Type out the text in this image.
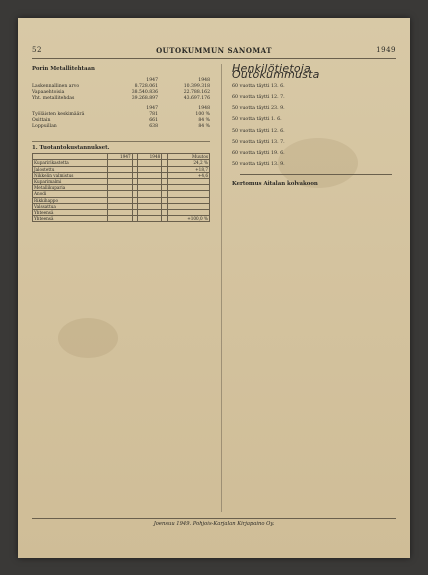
52	OUTOKUMMUN SANOMAT	1949
Porin Metallitehtaan
1947	1948
Laskennallinen arvo	8.728.061	10.399.318
Vapaaehtoisia	38.540.836	22.788.162
Yht. metallitehdas	39.268.897	43.697.176
1947	1948
Työläisten keskimäärä	781	100 %
Osittain	661	84 %
Loppuillan	638	84 %
1. Tuotantokustannukset.
	1947		1948		Muutos
Kuparirikastetta					24,2 %
Jalostettu					+18,7
Nikkelin valmistus					+4,6
Kuparimalmi					
Metallikuparia					
Anodi					
Rikkihappo					
Valssattua					
Yhteensä					
Yhteensä					+100,0 %
Henkilötietoja Outokummusta
60 vuotta täytti 13. 6.
60 vuotta täytti 12. 7.
50 vuotta täytti 23. 9.
50 vuotta täytti 1. 6.
50 vuotta täytti 12. 6.
50 vuotta täytti 13. 7.
60 vuotta täytti 19. 6.
50 vuotta täytti 13. 9.
Kertomus Aitalan kolvakoon
Joensuu 1949. Pohjois-Karjalan Kirjapaino Oy.
